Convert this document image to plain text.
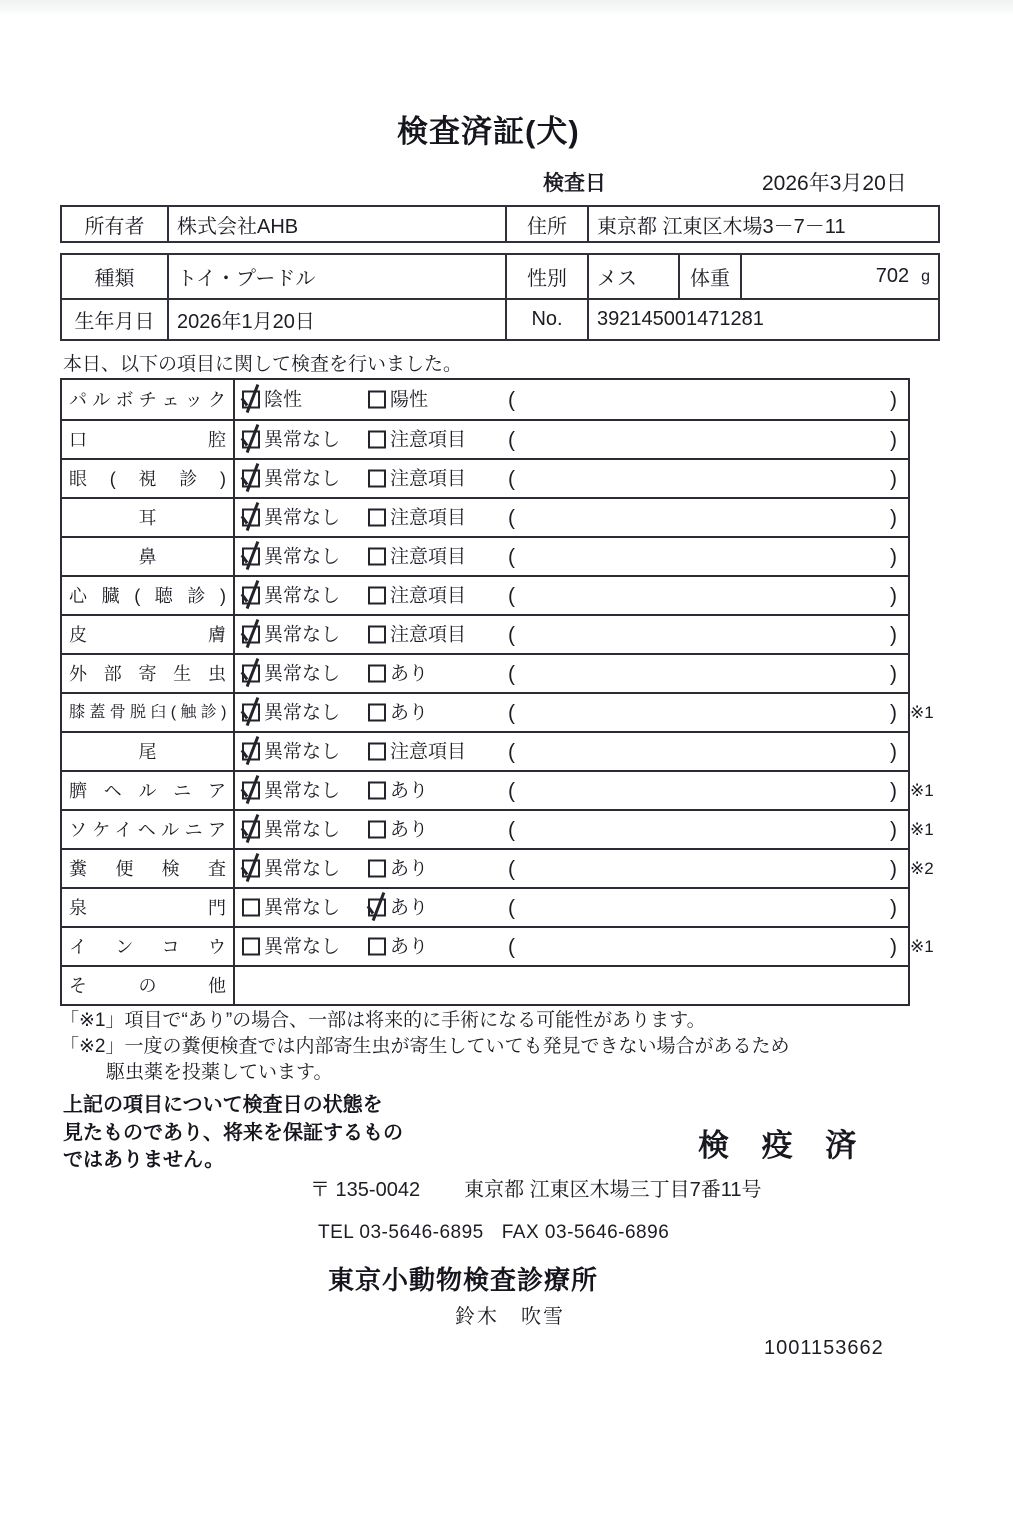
検査済証(犬)
検査日	2026年3月20日
所有者	株式会社AHB	住所	東京都 江東区木場3－7－11
種類	トイ・プードル	性別	メス	体重	702 g
生年月日	2026年1月20日	No.	392145001471281
本日、以下の項目に関して検査を行いました。
パルボチェック 陰性	陽性	(	)
口腔 異常なし	注意項目 (	)
眼(視診) 異常なし	注意項目 (	)
耳	異常なし	注意項目 (	)
鼻	異常なし	注意項目 (	)
心臓(聴診) 異常なし	注意項目 (	)
皮膚 異常なし	注意項目 (	)
外部寄生虫 異常なし	あり	(	)
膝蓋骨脱臼(触診) 異常なし	あり	(	) ※1
尾	異常なし	注意項目 (	)
臍ヘルニア 異常なし	あり	(	) ※1
ソケイヘルニア 異常なし	あり	(	) ※1
糞便検査 異常なし	あり	(	) ※2
泉門 異常なし	あり	(	)
インコウ 異常なし	あり	(	) ※1
その他
「※1」項目で“あり”の場合、一部は将来的に手術になる可能性があります。
「※2」一度の糞便検査では内部寄生虫が寄生していても発見できない場合があるため
駆虫薬を投薬しています。
上記の項目について検査日の状態を
見たものであり、将来を保証するもの
ではありません。	検 疫 済
〒 135-0042 東京都 江東区木場三丁目7番11号
TEL 03-5646-6895 FAX 03-5646-6896
東京小動物検査診療所
鈴木　吹雪
1001153662
